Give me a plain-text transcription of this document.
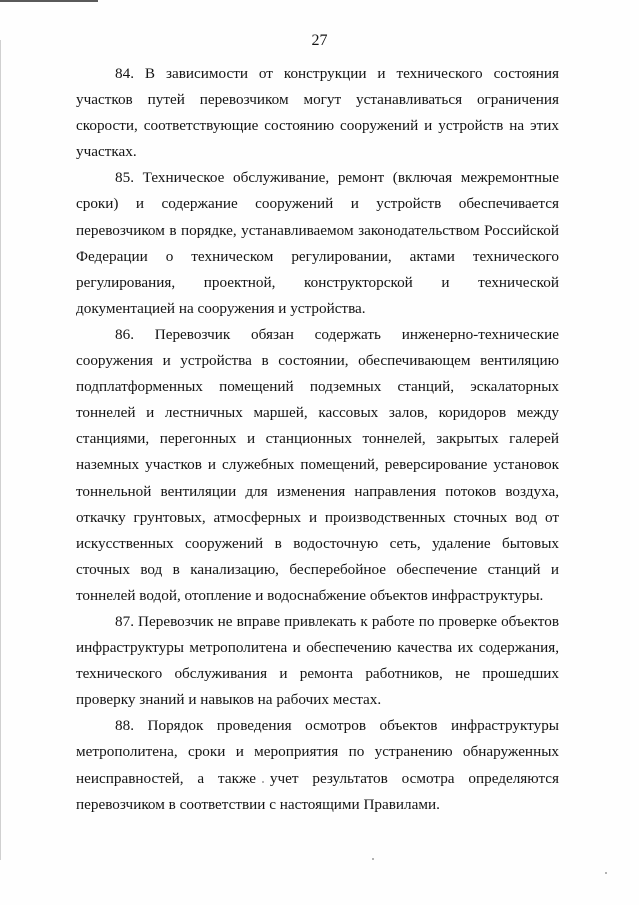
27

84. В зависимости от конструкции и технического состояния участков путей перевозчиком могут устанавливаться ограничения скорости, соответствующие состоянию сооружений и устройств на этих участках.

85. Техническое обслуживание, ремонт (включая межремонтные сроки) и содержание сооружений и устройств обеспечивается перевозчиком в порядке, устанавливаемом законодательством Российской Федерации о техническом регулировании, актами технического регулирования, проектной, конструкторской и технической документацией на сооружения и устройства.

86. Перевозчик обязан содержать инженерно-технические сооружения и устройства в состоянии, обеспечивающем вентиляцию подплатформенных помещений подземных станций, эскалаторных тоннелей и лестничных маршей, кассовых залов, коридоров между станциями, перегонных и станционных тоннелей, закрытых галерей наземных участков и служебных помещений, реверсирование установок тоннельной вентиляции для изменения направления потоков воздуха, откачку грунтовых, атмосферных и производственных сточных вод от искусственных сооружений в водосточную сеть, удаление бытовых сточных вод в канализацию, бесперебойное обеспечение станций и тоннелей водой, отопление и водоснабжение объектов инфраструктуры.

87. Перевозчик не вправе привлекать к работе по проверке объектов инфраструктуры метрополитена и обеспечению качества их содержания, технического обслуживания и ремонта работников, не прошедших проверку знаний и навыков на рабочих местах.

88. Порядок проведения осмотров объектов инфраструктуры метрополитена, сроки и мероприятия по устранению обнаруженных неисправностей, а также учет результатов осмотра определяются перевозчиком в соответствии с настоящими Правилами.
